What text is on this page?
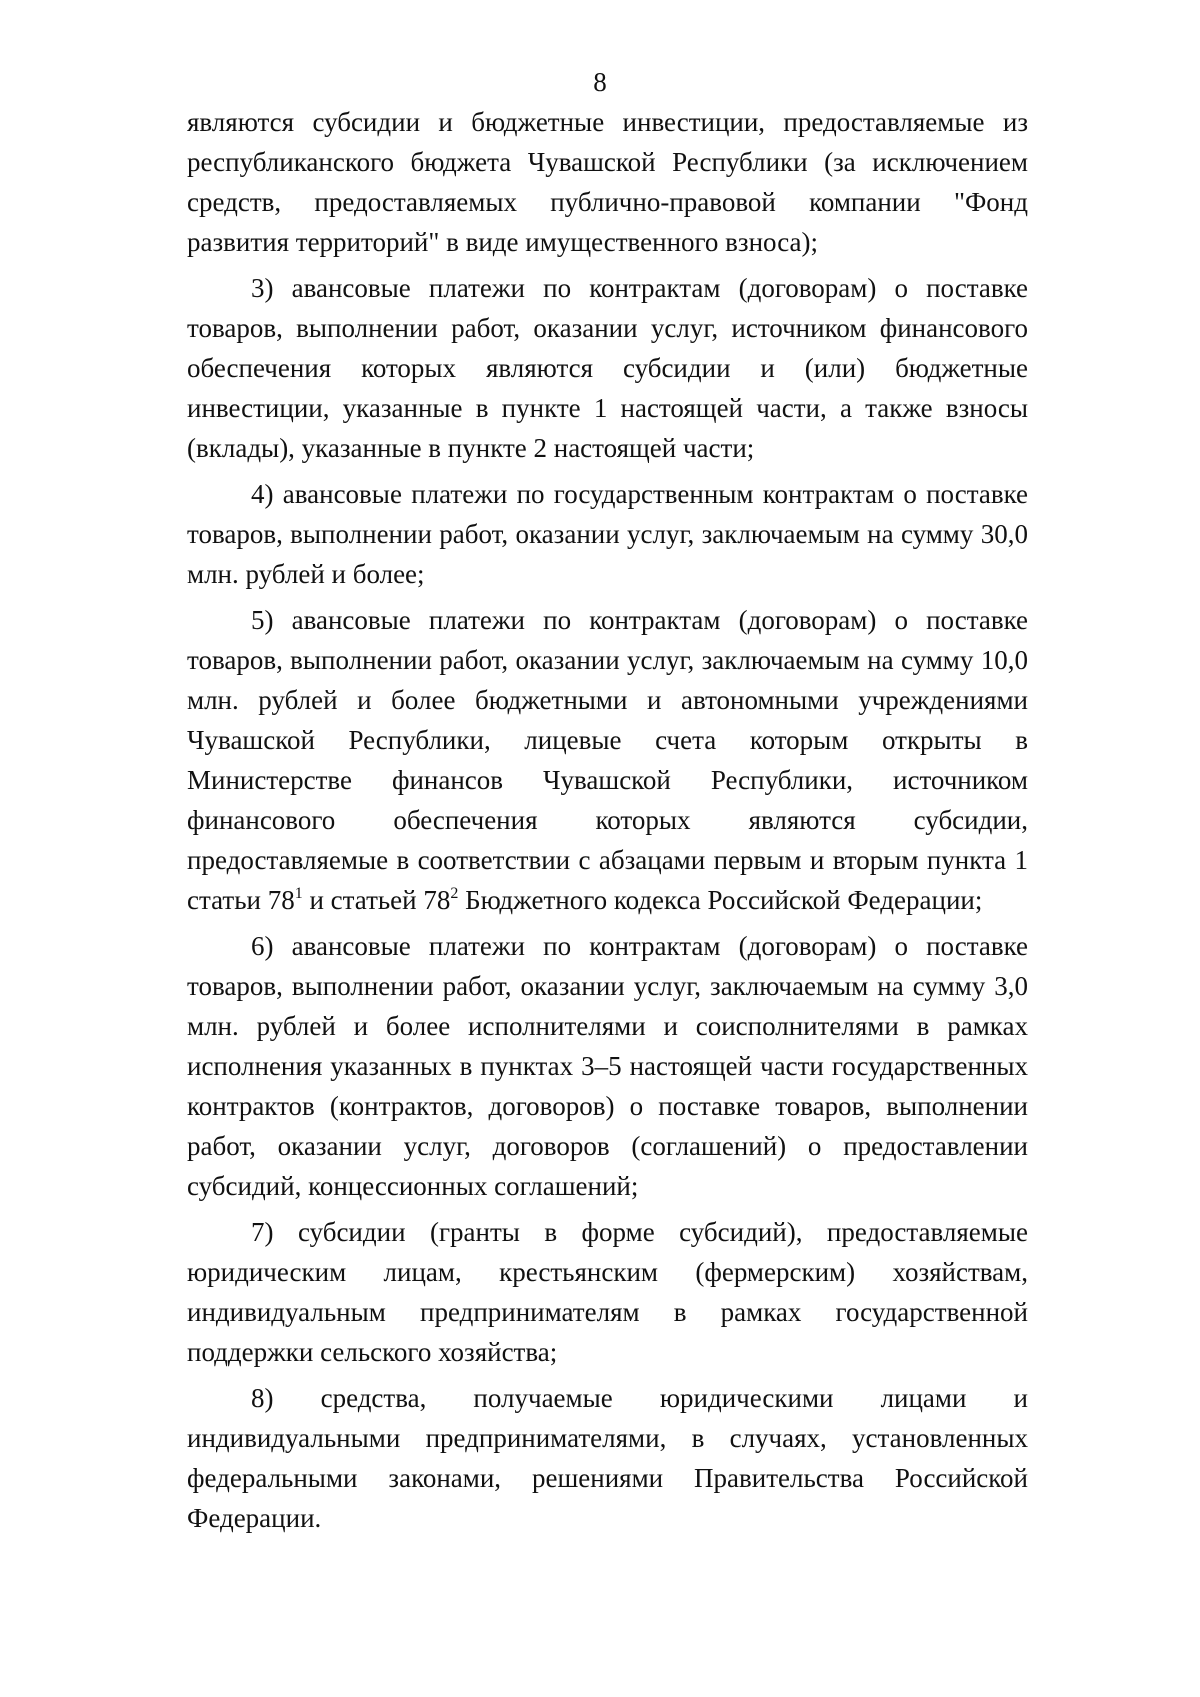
8

являются субсидии и бюджетные инвестиции, предоставляемые из республиканского бюджета Чувашской Республики (за исключением средств, предоставляемых публично-правовой компании "Фонд развития территорий" в виде имущественного взноса);

3) авансовые платежи по контрактам (договорам) о поставке товаров, выполнении работ, оказании услуг, источником финансового обеспечения которых являются субсидии и (или) бюджетные инвестиции, указанные в пункте 1 настоящей части, а также взносы (вклады), указанные в пункте 2 настоящей части;

4) авансовые платежи по государственным контрактам о поставке товаров, выполнении работ, оказании услуг, заключаемым на сумму 30,0 млн. рублей и более;

5) авансовые платежи по контрактам (договорам) о поставке товаров, выполнении работ, оказании услуг, заключаемым на сумму 10,0 млн. рублей и более бюджетными и автономными учреждениями Чувашской Республики, лицевые счета которым открыты в Министерстве финансов Чувашской Республики, источником финансового обеспечения которых являются субсидии, предоставляемые в соответствии с абзацами первым и вторым пункта 1 статьи $78^1$ и статьей $78^2$ Бюджетного кодекса Российской Федерации;

6) авансовые платежи по контрактам (договорам) о поставке товаров, выполнении работ, оказании услуг, заключаемым на сумму 3,0 млн. рублей и более исполнителями и соисполнителями в рамках исполнения указанных в пунктах 3–5 настоящей части государственных контрактов (контрактов, договоров) о поставке товаров, выполнении работ, оказании услуг, договоров (соглашений) о предоставлении субсидий, концессионных соглашений;

7) субсидии (гранты в форме субсидий), предоставляемые юридическим лицам, крестьянским (фермерским) хозяйствам, индивидуальным предпринимателям в рамках государственной поддержки сельского хозяйства;

8) средства, получаемые юридическими лицами и индивидуальными предпринимателями, в случаях, установленных федеральными законами, решениями Правительства Российской Федерации.
